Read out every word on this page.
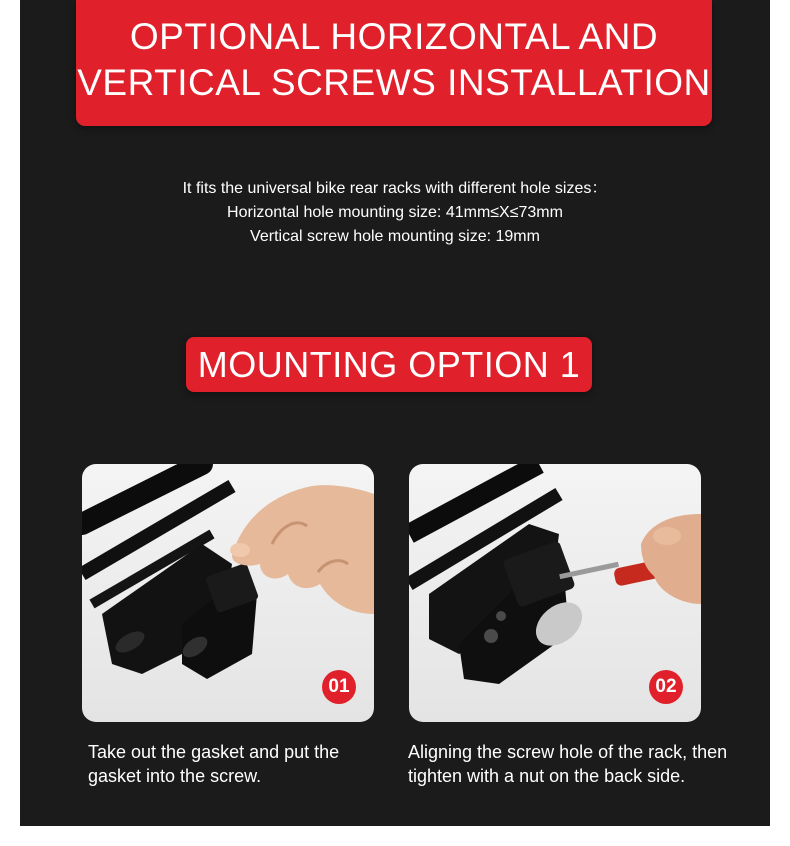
OPTIONAL HORIZONTAL AND
VERTICAL SCREWS INSTALLATION
It fits the universal bike rear racks with different hole sizes：
Horizontal hole mounting size: 41mm≤X≤73mm
Vertical screw hole mounting size: 19mm
MOUNTING OPTION 1
01	02
Take out the gasket and put the gasket into the screw.
Aligning the screw hole of the rack, then tighten with a nut on the back side.
